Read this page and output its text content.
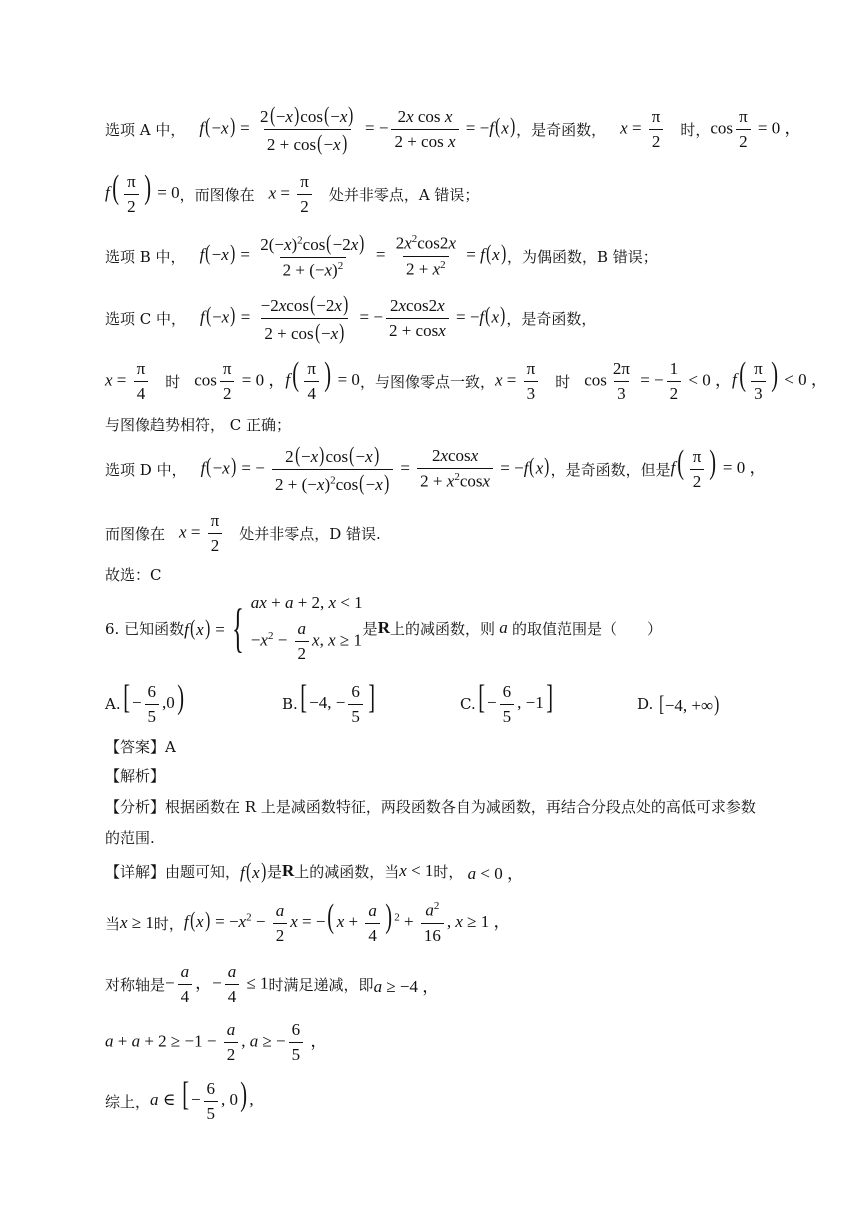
选项 A 中， $f(-x) = \frac{2(-x)\cos(-x)}{2 + \cos(-x)}$ = − $\frac{\text{2x cos x}}{\text{2 + cos x}} = -f(x)$ ，是奇函数， $x = \frac{\pi}{2}$ 时， $\cos \frac{\pi}{2} = 0$ ，
$f( \frac{\pi}{2}$ ) = 0 ，而图像在 $x = \frac{\pi}{2}$ 处并非零点，A 错误；
选项 B 中， $f(-x) = \frac{2(-x)^2\cos(-2x)}{2 + (-x)^2} = \frac{2x^2\cos 2x}{2 + x^2} = f(x)$ ，为偶函数，B 错误；
选项 C 中， $f(-x) = \frac{-2xcos(-2x)}{2 + \cos(-x)}$ = − $\frac{2xcos2x}{2 + \cos x} = -f(x)$ ，是奇函数，
$x = \frac{\pi}{4}$ 时 $\cos \frac{\pi}{2} = 0$ ， $f( \frac{\pi}{4}$ ) = 0 ，与图像零点一致， $x = \frac{\pi}{3}$ 时 $\cos \frac{2\pi}{3}$ = − $\frac{1}{2} < 0$ ， $f( \frac{\pi}{3}$ ) < 0 ，
与图像趋势相符， C 正确；
选项 D 中， f(−x) = − $\frac{2(-x)\cos(-x)}{2 + (-x)^2\cos(-x)} = \frac{2xcosx}{2 + x^2\cos x} = -f(x)$ ，是奇函数，但是 $f( \frac{\pi}{2}$ ) = 0 ，
而图像在 $x = \frac{\pi}{2}$ 处并非零点，D 错误.
故选：C
6. 已知函数 f(x) = { ax + a + 2, x < 1
$-x^2 - \frac{a}{2} x$, x ≥ 1
是 R 上的减函数，则 a 的取值范围是（　　）
A. [ − $\frac{6}{5} ,0$)	B. [ −4, − $\frac{6}{5}$ ]	C. [ − $\frac{6}{5}$ , −1]	D. [−4, +∞)
【答案】A
【解析】
【分析】根据函数在 R 上是减函数特征，两段函数各自为减函数，再结合分段点处的高低可求参数
的范围.
【详解】由题可知， f(x) 是 R 上的减函数，当 x < 1 时， a < 0 ，
当 x ≥ 1 时， $f(x) = -x^2 - \frac{a}{2}$ x = −( $x + \frac{a}{4}$ ) $^2 + \frac{a^2}{16}$ , x ≥ 1 ，
对称轴是 − $\frac{a}{4}$ ，− $\frac{a}{4} \le 1$ 时满足递减，即 a ≥ −4 ，
$a + a + 2 \ge -1 - \frac{a}{2}$ , a ≥ − $\frac{6}{5}$ ，
综上， a ∈ [ − $\frac{6}{5}$ , 0) ,
